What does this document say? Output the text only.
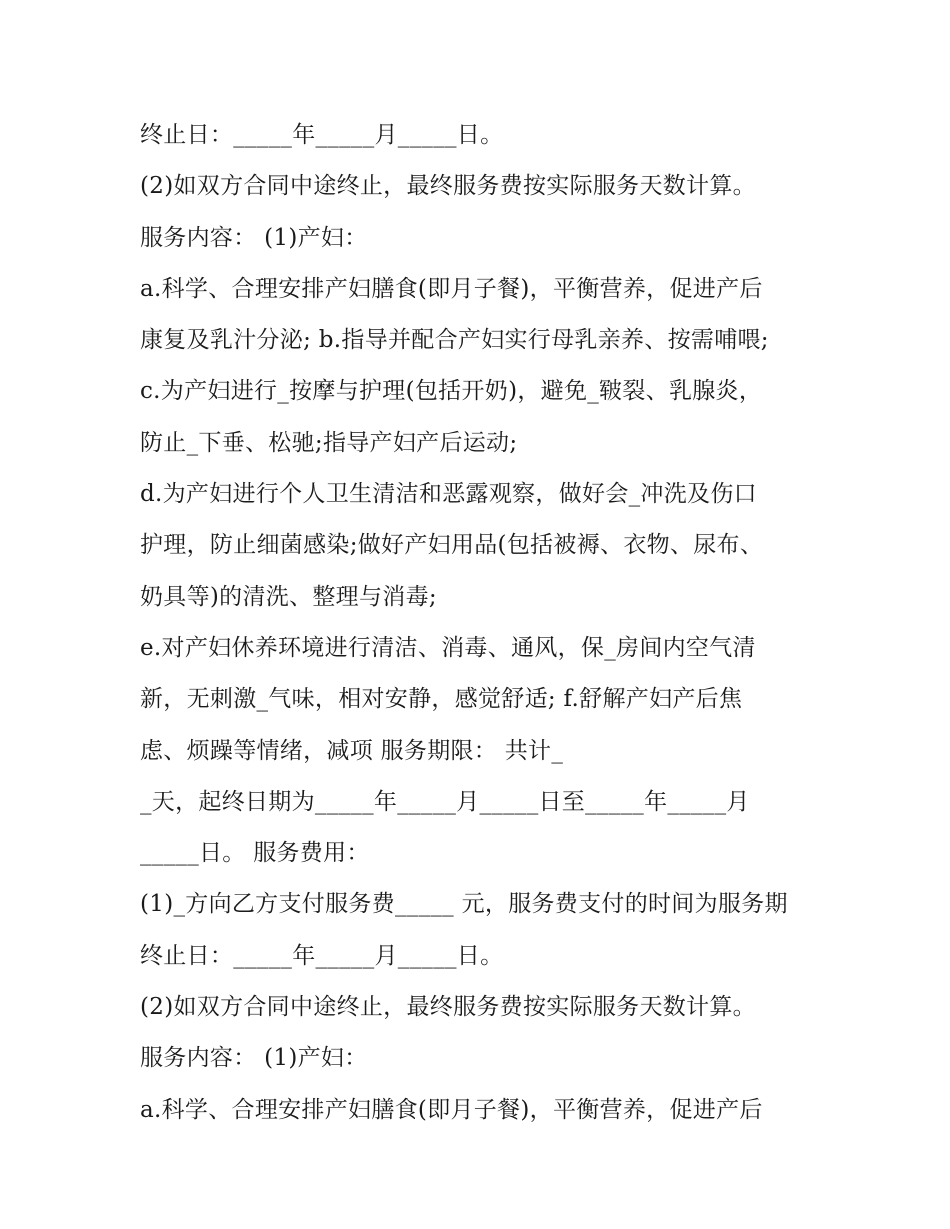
终止日：_____年_____月_____日。
(2)如双方合同中途终止，最终服务费按实际服务天数计算。
服务内容： (1)产妇：
a.科学、合理安排产妇膳食(即月子餐)，平衡营养，促进产后
康复及乳汁分泌; b.指导并配合产妇实行母乳亲养、按需哺喂;
c.为产妇进行_按摩与护理(包括开奶)，避免_皲裂、乳腺炎，
防止_下垂、松驰;指导产妇产后运动;
d.为产妇进行个人卫生清洁和恶露观察，做好会_冲洗及伤口
护理，防止细菌感染;做好产妇用品(包括被褥、衣物、尿布、
奶具等)的清洗、整理与消毒;
e.对产妇休养环境进行清洁、消毒、通风，保_房间内空气清
新，无刺激_气味，相对安静，感觉舒适; f.舒解产妇产后焦
虑、烦躁等情绪，减项 服务期限： 共计_
_天，起终日期为_____年_____月_____日至_____年_____月
_____日。 服务费用：
(1)_方向乙方支付服务费_____ 元，服务费支付的时间为服务期
终止日：_____年_____月_____日。
(2)如双方合同中途终止，最终服务费按实际服务天数计算。
服务内容： (1)产妇：
a.科学、合理安排产妇膳食(即月子餐)，平衡营养，促进产后
